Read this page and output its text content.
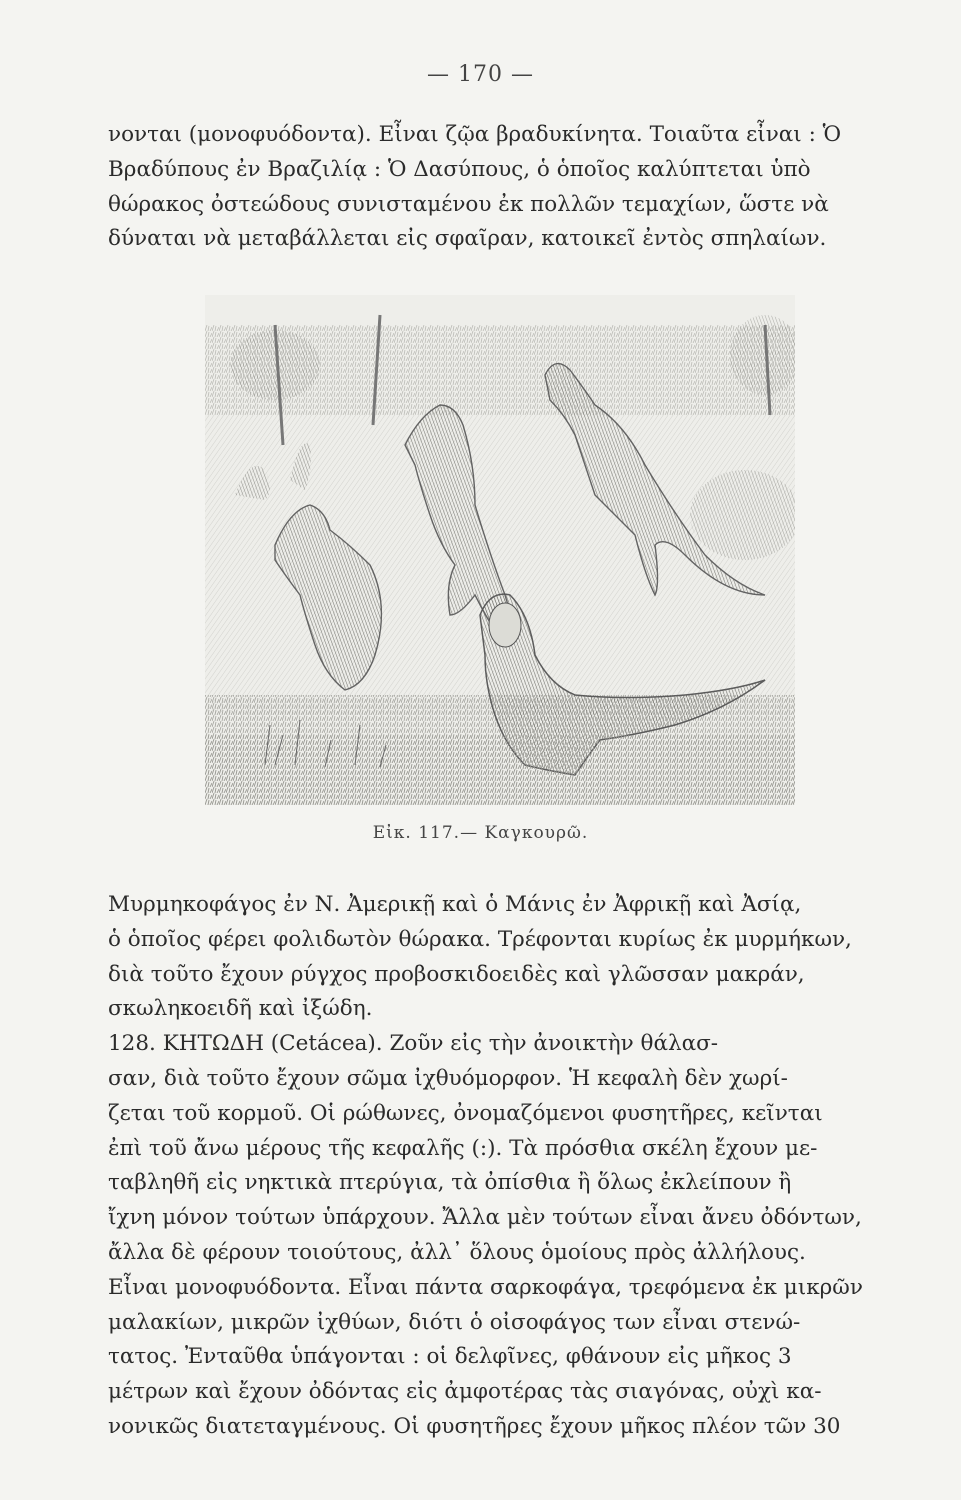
— 170 —
νονται (μονοφυόδοντα). Εἶναι ζῷα βραδυκίνητα. Τοιαῦτα εἶναι : Ὁ
Βραδύπους ἐν Βραζιλίᾳ : Ὁ Δασύπους, ὁ ὁποῖος καλύπτεται ὑπὸ
θώρακος ὀστεώδους συνισταμένου ἐκ πολλῶν τεμαχίων, ὥστε νὰ
δύναται νὰ μεταβάλλεται εἰς σφαῖραν, κατοικεῖ ἐντὸς σπηλαίων.
Εἰκ. 117.— Καγκουρῶ.
Μυρμηκοφάγος ἐν Ν. Ἀμερικῇ καὶ ὁ Μάνις ἐν Ἀφρικῇ καὶ Ἀσίᾳ,
ὁ ὁποῖος φέρει φολιδωτὸν θώρακα. Τρέφονται κυρίως ἐκ μυρμήκων,
διὰ τοῦτο ἔχουν ρύγχος προβοσκιδοειδὲς καὶ γλῶσσαν μακράν,
σκωληκοειδῆ καὶ ἰξώδη.
128. ΚΗΤΩΔΗ (Cetácea). Ζοῦν εἰς τὴν ἀνοικτὴν θάλασ-
σαν, διὰ τοῦτο ἔχουν σῶμα ἰχθυόμορφον. Ἡ κεφαλὴ δὲν χωρί-
ζεται τοῦ κορμοῦ. Οἱ ρώθωνες, ὀνομαζόμενοι φυσητῆρες, κεῖνται
ἐπὶ τοῦ ἄνω μέρους τῆς κεφαλῆς (:). Τὰ πρόσθια σκέλη ἔχουν με-
ταβληθῆ εἰς νηκτικὰ πτερύγια, τὰ ὀπίσθια ἢ ὅλως ἐκλείπουν ἢ
ἴχνη μόνον τούτων ὑπάρχουν. Ἄλλα μὲν τούτων εἶναι ἄνευ ὀδόντων,
ἄλλα δὲ φέρουν τοιούτους, ἀλλ᾽ ὅλους ὁμοίους πρὸς ἀλλήλους.
Εἶναι μονοφυόδοντα. Εἶναι πάντα σαρκοφάγα, τρεφόμενα ἐκ μικρῶν
μαλακίων, μικρῶν ἰχθύων, διότι ὁ οἰσοφάγος των εἶναι στενώ-
τατος. Ἐνταῦθα ὑπάγονται : οἱ δελφῖνες, φθάνουν εἰς μῆκος 3
μέτρων καὶ ἔχουν ὀδόντας εἰς ἀμφοτέρας τὰς σιαγόνας, οὐχὶ κα-
νονικῶς διατεταγμένους. Οἱ φυσητῆρες ἔχουν μῆκος πλέον τῶν 30
